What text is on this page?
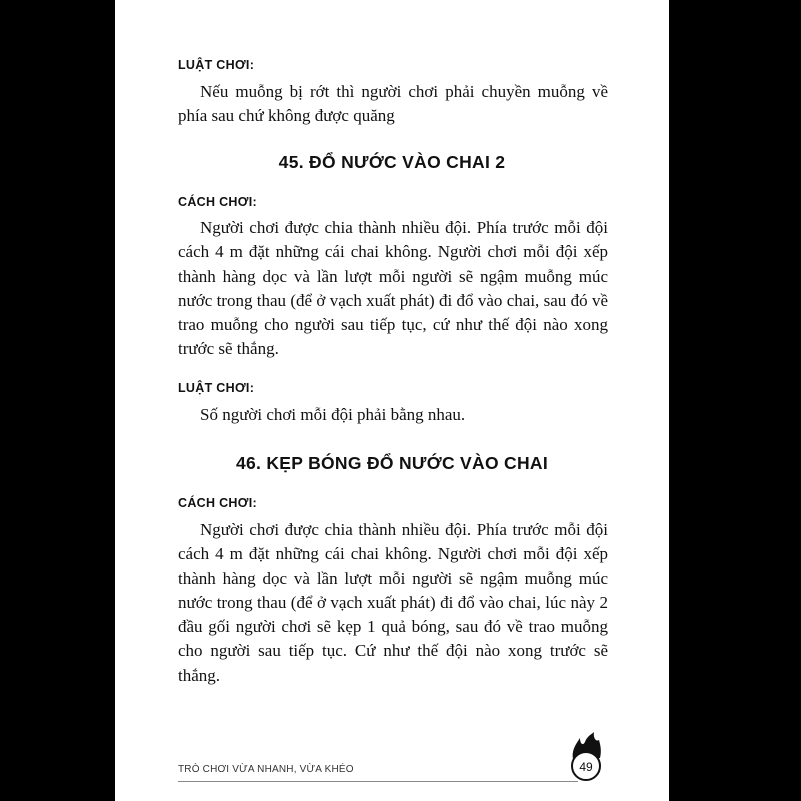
LUẬT CHƠI:

Nếu muỗng bị rớt thì người chơi phải chuyền muỗng về phía sau chứ không được quăng

45. ĐỔ NƯỚC VÀO CHAI 2

CÁCH CHƠI:

Người chơi được chia thành nhiều đội. Phía trước mỗi đội cách 4 m đặt những cái chai không. Người chơi mỗi đội xếp thành hàng dọc và lần lượt mỗi người sẽ ngậm muỗng múc nước trong thau (để ở vạch xuất phát) đi đổ vào chai, sau đó về trao muỗng cho người sau tiếp tục, cứ như thế đội nào xong trước sẽ thắng.

LUẬT CHƠI:

Số người chơi mỗi đội phải bằng nhau.

46. KẸP BÓNG ĐỔ NƯỚC VÀO CHAI

CÁCH CHƠI:

Người chơi được chia thành nhiều đội. Phía trước mỗi đội cách 4 m đặt những cái chai không. Người chơi mỗi đội xếp thành hàng dọc và lần lượt mỗi người sẽ ngậm muỗng múc nước trong thau (để ở vạch xuất phát) đi đổ vào chai, lúc này 2 đầu gối người chơi sẽ kẹp 1 quả bóng, sau đó về trao muỗng cho người sau tiếp tục. Cứ như thế đội nào xong trước sẽ thắng.

TRÒ CHƠI VỪA NHANH, VỪA KHÉO	49
